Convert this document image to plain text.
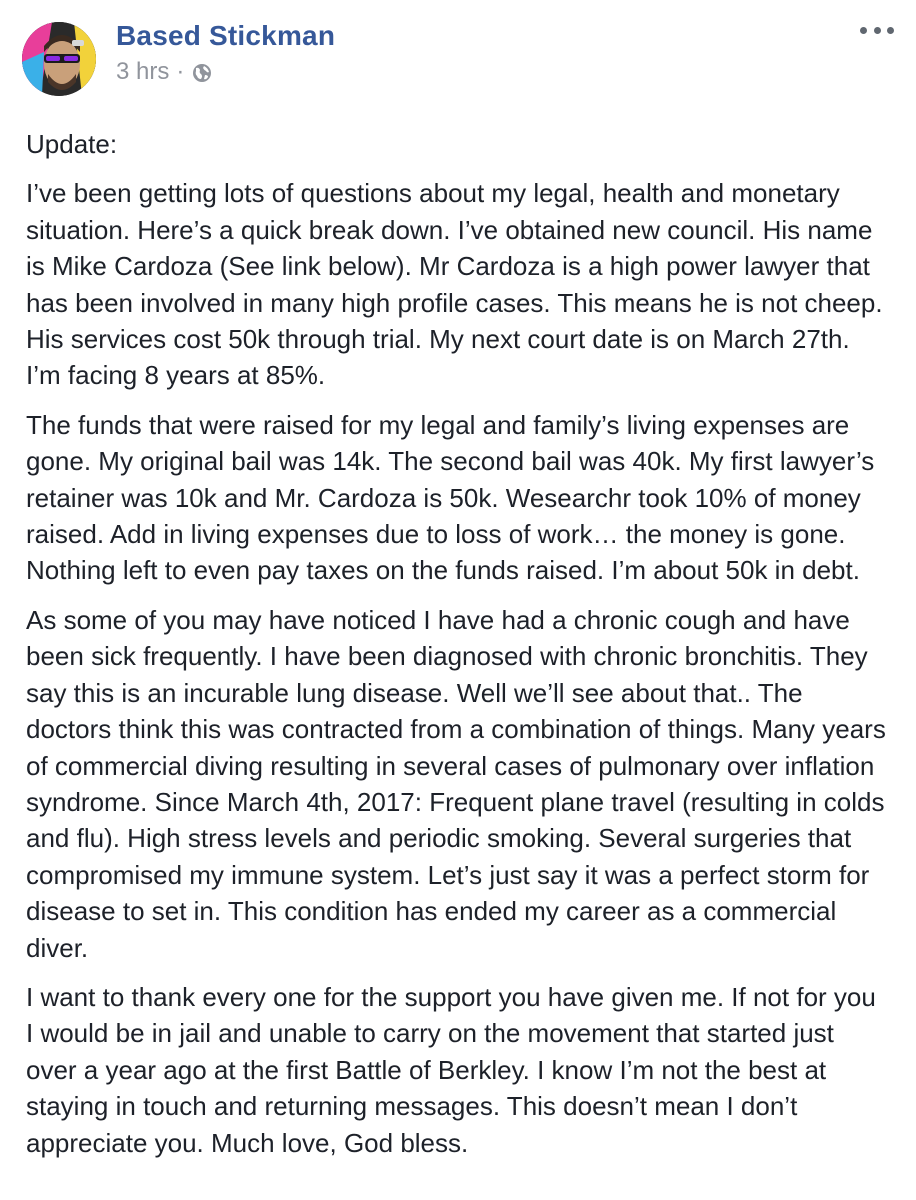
Based Stickman
3 hrs ·

Update:

I’ve been getting lots of questions about my legal, health and monetary situation. Here’s a quick break down. I’ve obtained new council. His name is Mike Cardoza (See link below). Mr Cardoza is a high power lawyer that has been involved in many high profile cases. This means he is not cheep. His services cost 50k through trial. My next court date is on March 27th. I’m facing 8 years at 85%.

The funds that were raised for my legal and family’s living expenses are gone. My original bail was 14k. The second bail was 40k. My first lawyer’s retainer was 10k and Mr. Cardoza is 50k. Wesearchr took 10% of money raised. Add in living expenses due to loss of work… the money is gone. Nothing left to even pay taxes on the funds raised. I’m about 50k in debt.

As some of you may have noticed I have had a chronic cough and have been sick frequently. I have been diagnosed with chronic bronchitis. They say this is an incurable lung disease. Well we’ll see about that.. The doctors think this was contracted from a combination of things. Many years of commercial diving resulting in several cases of pulmonary over inflation syndrome. Since March 4th, 2017: Frequent plane travel (resulting in colds and flu). High stress levels and periodic smoking. Several surgeries that compromised my immune system. Let’s just say it was a perfect storm for disease to set in. This condition has ended my career as a commercial diver.

I want to thank every one for the support you have given me. If not for you I would be in jail and unable to carry on the movement that started just over a year ago at the first Battle of Berkley. I know I’m not the best at staying in touch and returning messages. This doesn’t mean I don’t appreciate you. Much love, God bless.
